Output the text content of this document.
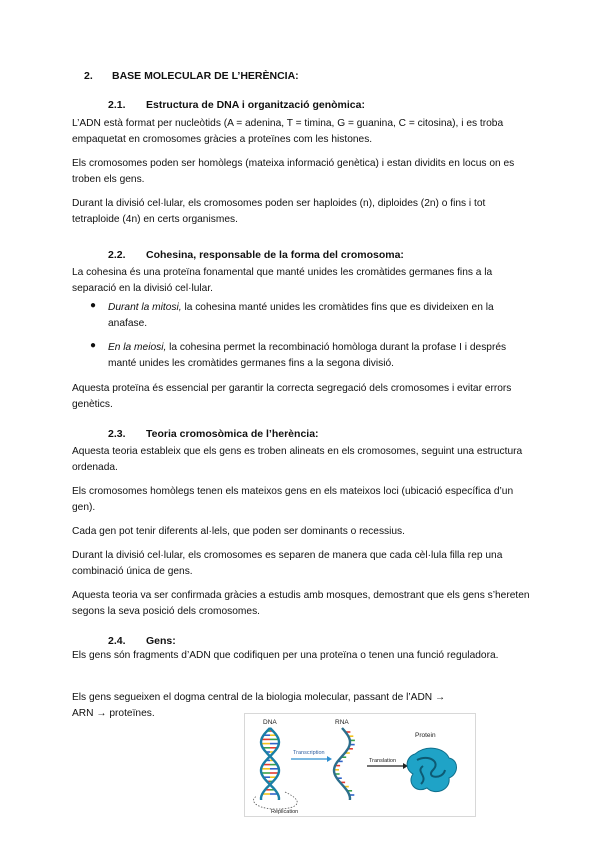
2. BASE MOLECULAR DE L’HERÈNCIA:
2.1. Estructura de DNA i organització genòmica:
L’ADN està format per nucleòtids (A = adenina, T = timina, G = guanina, C = citosina), i es troba empaquetat en cromosomes gràcies a proteïnes com les histones.
Els cromosomes poden ser homòlegs (mateixa informació genètica) i estan dividits en locus on es troben els gens.
Durant la divisió cel·lular, els cromosomes poden ser haploides (n), diploides (2n) o fins i tot tetraploide (4n) en certs organismes.
2.2. Cohesina, responsable de la forma del cromosoma:
La cohesina és una proteïna fonamental que manté unides les cromàtides germanes fins a la separació en la divisió cel·lular.
● Durant la mitosi, la cohesina manté unides les cromàtides fins que es divideixen en la anafase.
● En la meiosi, la cohesina permet la recombinació homòloga durant la profase I i després manté unides les cromàtides germanes fins a la segona divisió.
Aquesta proteïna és essencial per garantir la correcta segregació dels cromosomes i evitar errors genètics.
2.3. Teoria cromosòmica de l’herència:
Aquesta teoria estableix que els gens es troben alineats en els cromosomes, seguint una estructura ordenada.
Els cromosomes homòlegs tenen els mateixos gens en els mateixos loci (ubicació específica d’un gen).
Cada gen pot tenir diferents al·lels, que poden ser dominants o recessius.
Durant la divisió cel·lular, els cromosomes es separen de manera que cada cèl·lula filla rep una combinació única de gens.
Aquesta teoria va ser confirmada gràcies a estudis amb mosques, demostrant que els gens s’hereten segons la seva posició dels cromosomes.
2.4. Gens:
Els gens són fragments d’ADN que codifiquen per una proteïna o tenen una funció reguladora.
Els gens segueixen el dogma central de la biologia molecular, passant de l’ADN → ARN → proteïnes.
DNA	RNA
Protein
Transcription
Translation
Replication
